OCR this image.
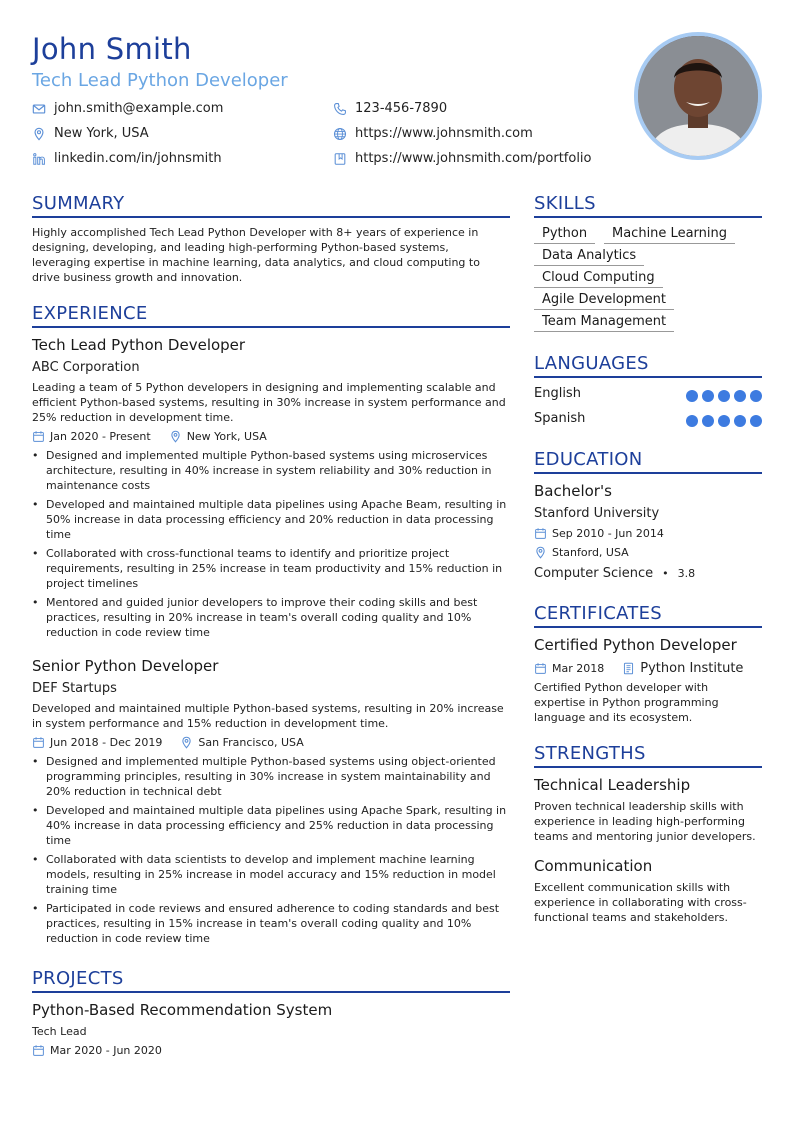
John Smith
Tech Lead Python Developer
john.smith@example.com	123-456-7890
New York, USA	https://www.johnsmith.com
linkedin.com/in/johnsmith	https://www.johnsmith.com/portfolio
SUMMARY
Highly accomplished Tech Lead Python Developer with 8+ years of experience in designing, developing, and leading high-performing Python-based systems, leveraging expertise in machine learning, data analytics, and cloud computing to drive business growth and innovation.
EXPERIENCE
Tech Lead Python Developer
ABC Corporation
Leading a team of 5 Python developers in designing and implementing scalable and efficient Python-based systems, resulting in 30% increase in system performance and 25% reduction in development time.
Jan 2020 - Present	New York, USA
• Designed and implemented multiple Python-based systems using microservices architecture, resulting in 40% increase in system reliability and 30% reduction in maintenance costs
• Developed and maintained multiple data pipelines using Apache Beam, resulting in 50% increase in data processing efficiency and 20% reduction in data processing time
• Collaborated with cross-functional teams to identify and prioritize project requirements, resulting in 25% increase in team productivity and 15% reduction in project timelines
• Mentored and guided junior developers to improve their coding skills and best practices, resulting in 20% increase in team's overall coding quality and 10% reduction in code review time
Senior Python Developer
DEF Startups
Developed and maintained multiple Python-based systems, resulting in 20% increase in system performance and 15% reduction in development time.
Jun 2018 - Dec 2019	San Francisco, USA
• Designed and implemented multiple Python-based systems using object-oriented programming principles, resulting in 30% increase in system maintainability and 20% reduction in technical debt
• Developed and maintained multiple data pipelines using Apache Spark, resulting in 40% increase in data processing efficiency and 25% reduction in data processing time
• Collaborated with data scientists to develop and implement machine learning models, resulting in 25% increase in model accuracy and 15% reduction in model training time
• Participated in code reviews and ensured adherence to coding standards and best practices, resulting in 15% increase in team's overall coding quality and 10% reduction in code review time
PROJECTS
Python-Based Recommendation System
Tech Lead
Mar 2020 - Jun 2020
SKILLS
Python	Machine Learning
Data Analytics
Cloud Computing
Agile Development
Team Management
LANGUAGES
English
Spanish
EDUCATION
Bachelor's
Stanford University
Sep 2010 - Jun 2014
Stanford, USA
Computer Science • 3.8
CERTIFICATES
Certified Python Developer
Mar 2018	Python Institute
Certified Python developer with expertise in Python programming language and its ecosystem.
STRENGTHS
Technical Leadership
Proven technical leadership skills with experience in leading high-performing teams and mentoring junior developers.
Communication
Excellent communication skills with experience in collaborating with cross-functional teams and stakeholders.
